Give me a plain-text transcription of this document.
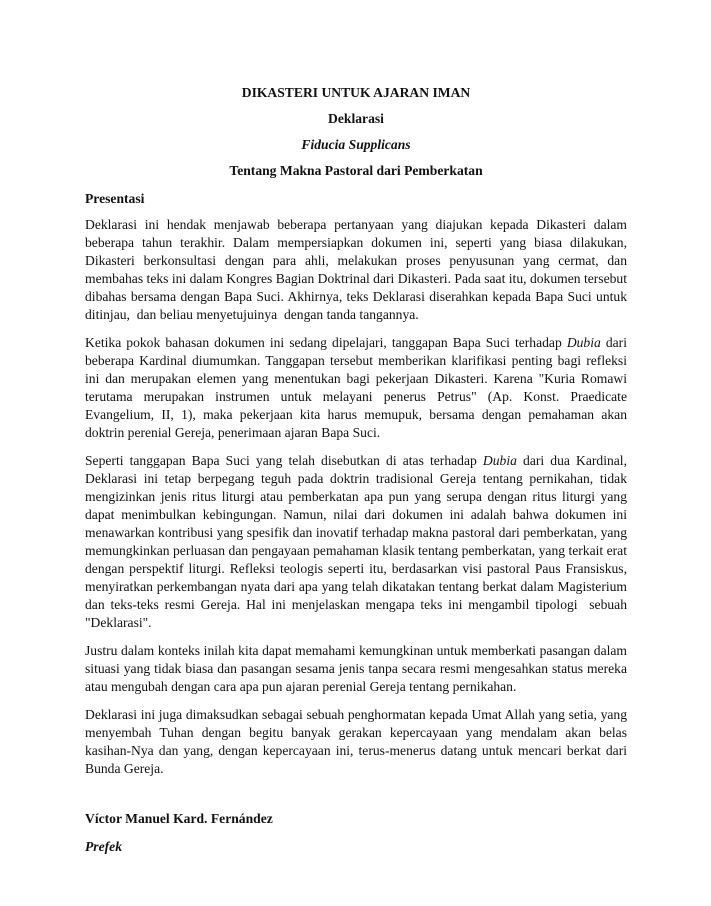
DIKASTERI UNTUK AJARAN IMAN

Deklarasi

Fiducia Supplicans

Tentang Makna Pastoral dari Pemberkatan

Presentasi

Deklarasi ini hendak menjawab beberapa pertanyaan yang diajukan kepada Dikasteri dalam beberapa tahun terakhir. Dalam mempersiapkan dokumen ini, seperti yang biasa dilakukan, Dikasteri berkonsultasi dengan para ahli, melakukan proses penyusunan yang cermat, dan membahas teks ini dalam Kongres Bagian Doktrinal dari Dikasteri. Pada saat itu, dokumen tersebut dibahas bersama dengan Bapa Suci. Akhirnya, teks Deklarasi diserahkan kepada Bapa Suci untuk ditinjau,  dan beliau menyetujuinya  dengan tanda tangannya.

Ketika pokok bahasan dokumen ini sedang dipelajari, tanggapan Bapa Suci terhadap Dubia dari beberapa Kardinal diumumkan. Tanggapan tersebut memberikan klarifikasi penting bagi refleksi ini dan merupakan elemen yang menentukan bagi pekerjaan Dikasteri. Karena "Kuria Romawi terutama merupakan instrumen untuk melayani penerus Petrus" (Ap. Konst. Praedicate Evangelium, II, 1), maka pekerjaan kita harus memupuk, bersama dengan pemahaman akan doktrin perenial Gereja, penerimaan ajaran Bapa Suci.

Seperti tanggapan Bapa Suci yang telah disebutkan di atas terhadap Dubia dari dua Kardinal, Deklarasi ini tetap berpegang teguh pada doktrin tradisional Gereja tentang pernikahan, tidak mengizinkan jenis ritus liturgi atau pemberkatan apa pun yang serupa dengan ritus liturgi yang dapat menimbulkan kebingungan. Namun, nilai dari dokumen ini adalah bahwa dokumen ini menawarkan kontribusi yang spesifik dan inovatif terhadap makna pastoral dari pemberkatan, yang memungkinkan perluasan dan pengayaan pemahaman klasik tentang pemberkatan, yang terkait erat dengan perspektif liturgi. Refleksi teologis seperti itu, berdasarkan visi pastoral Paus Fransiskus, menyiratkan perkembangan nyata dari apa yang telah dikatakan tentang berkat dalam Magisterium dan teks-teks resmi Gereja. Hal ini menjelaskan mengapa teks ini mengambil tipologi  sebuah "Deklarasi".

Justru dalam konteks inilah kita dapat memahami kemungkinan untuk memberkati pasangan dalam situasi yang tidak biasa dan pasangan sesama jenis tanpa secara resmi mengesahkan status mereka atau mengubah dengan cara apa pun ajaran perenial Gereja tentang pernikahan.

Deklarasi ini juga dimaksudkan sebagai sebuah penghormatan kepada Umat Allah yang setia, yang menyembah Tuhan dengan begitu banyak gerakan kepercayaan yang mendalam akan belas kasihan-Nya dan yang, dengan kepercayaan ini, terus-menerus datang untuk mencari berkat dari Bunda Gereja.

Víctor Manuel Kard. Fernández

Prefek
